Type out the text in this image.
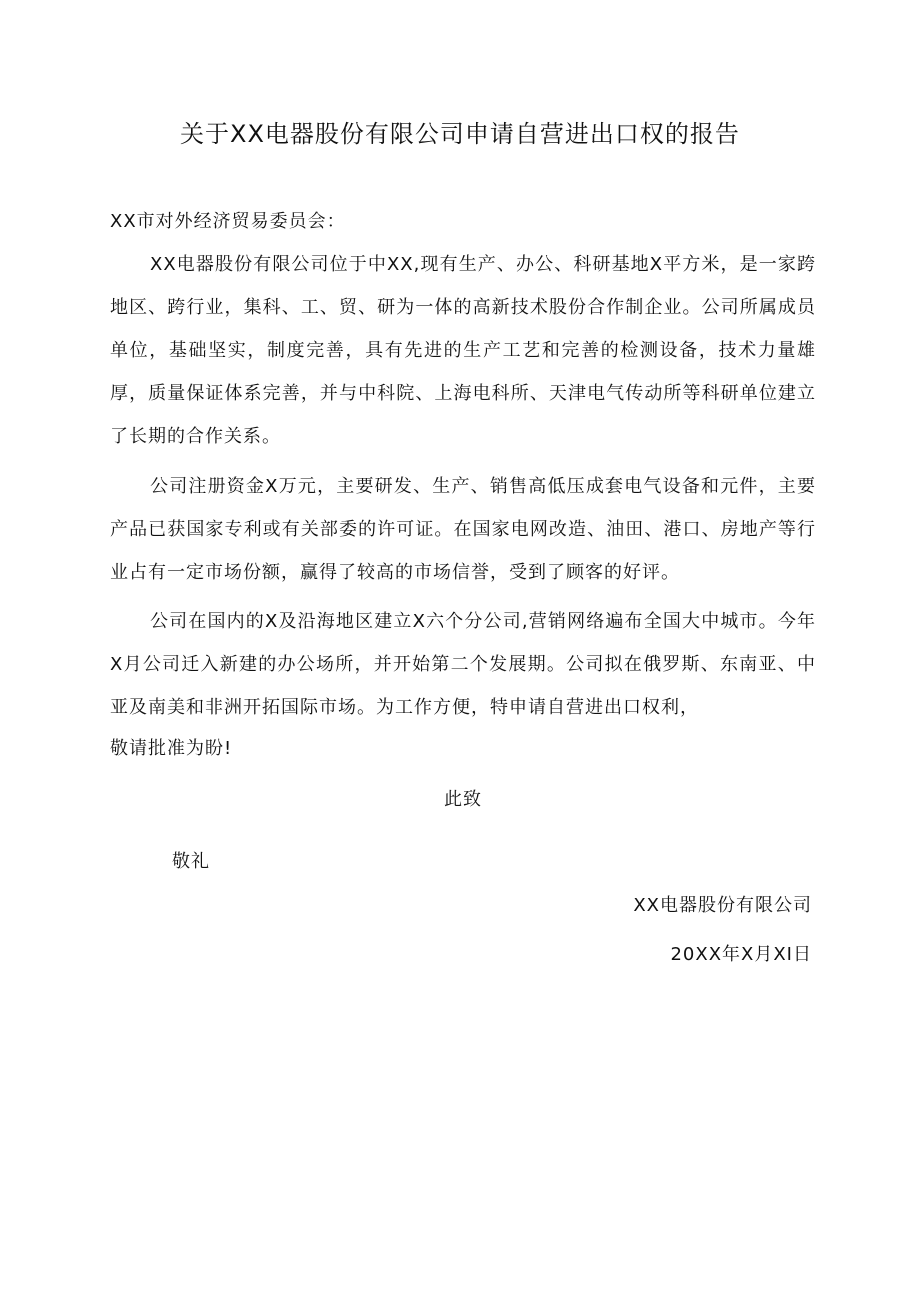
关于XX电器股份有限公司申请自营进出口权的报告

XX市对外经济贸易委员会：

XX电器股份有限公司位于中XX,现有生产、办公、科研基地X平方米，是一家跨地区、跨行业，集科、工、贸、研为一体的高新技术股份合作制企业。公司所属成员单位，基础坚实，制度完善，具有先进的生产工艺和完善的检测设备，技术力量雄厚，质量保证体系完善，并与中科院、上海电科所、天津电气传动所等科研单位建立了长期的合作关系。

公司注册资金X万元，主要研发、生产、销售高低压成套电气设备和元件，主要产品已获国家专利或有关部委的许可证。在国家电网改造、油田、港口、房地产等行业占有一定市场份额，赢得了较高的市场信誉，受到了顾客的好评。

公司在国内的X及沿海地区建立X六个分公司,营销网络遍布全国大中城市。今年X月公司迁入新建的办公场所，并开始第二个发展期。公司拟在俄罗斯、东南亚、中亚及南美和非洲开拓国际市场。为工作方便，特申请自营进出口权利，

敬请批准为盼!

此致

敬礼

XX电器股份有限公司

20XX年X月XI日
